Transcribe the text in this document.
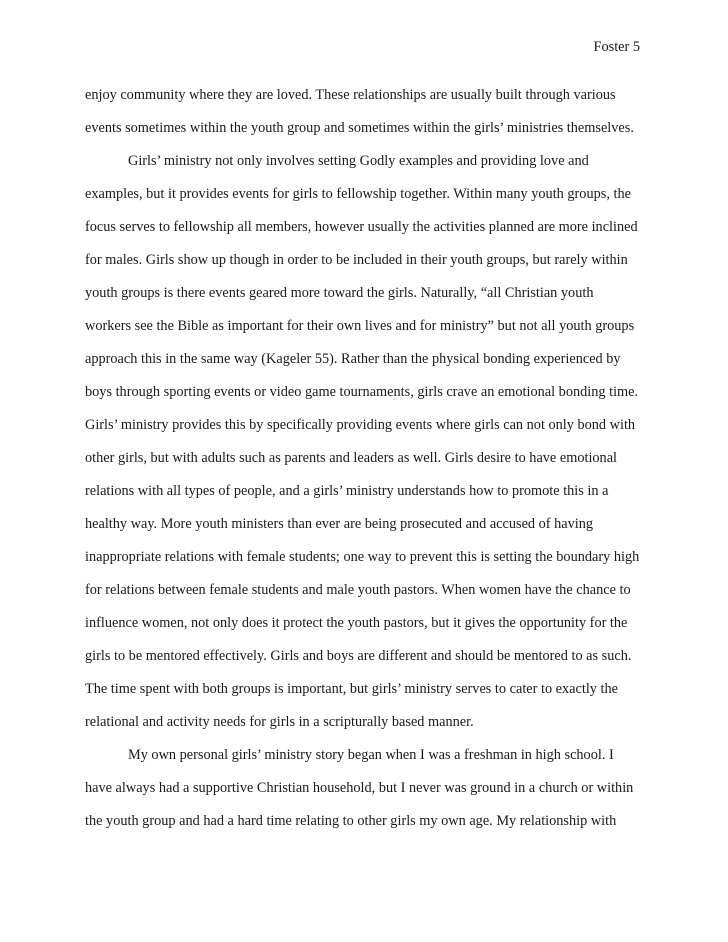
Foster 5
enjoy community where they are loved. These relationships are usually built through various
events sometimes within the youth group and sometimes within the girls’ ministries themselves.
Girls’ ministry not only involves setting Godly examples and providing love and
examples, but it provides events for girls to fellowship together. Within many youth groups, the
focus serves to fellowship all members, however usually the activities planned are more inclined
for males. Girls show up though in order to be included in their youth groups, but rarely within
youth groups is there events geared more toward the girls. Naturally, “all Christian youth
workers see the Bible as important for their own lives and for ministry” but not all youth groups
approach this in the same way (Kageler 55). Rather than the physical bonding experienced by
boys through sporting events or video game tournaments, girls crave an emotional bonding time.
Girls’ ministry provides this by specifically providing events where girls can not only bond with
other girls, but with adults such as parents and leaders as well. Girls desire to have emotional
relations with all types of people, and a girls’ ministry understands how to promote this in a
healthy way. More youth ministers than ever are being prosecuted and accused of having
inappropriate relations with female students; one way to prevent this is setting the boundary high
for relations between female students and male youth pastors. When women have the chance to
influence women, not only does it protect the youth pastors, but it gives the opportunity for the
girls to be mentored effectively. Girls and boys are different and should be mentored to as such.
The time spent with both groups is important, but girls’ ministry serves to cater to exactly the
relational and activity needs for girls in a scripturally based manner.
My own personal girls’ ministry story began when I was a freshman in high school. I
have always had a supportive Christian household, but I never was ground in a church or within
the youth group and had a hard time relating to other girls my own age. My relationship with
